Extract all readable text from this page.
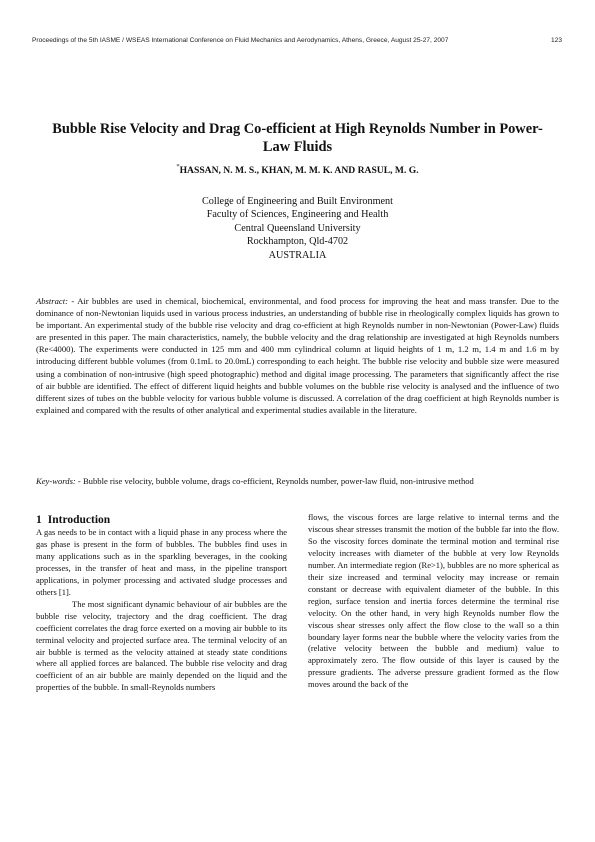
Proceedings of the 5th IASME / WSEAS International Conference on Fluid Mechanics and Aerodynamics, Athens, Greece, August 25-27, 2007	123
Bubble Rise Velocity and Drag Co-efficient at High Reynolds Number in Power-Law Fluids
*HASSAN, N. M. S., KHAN, M. M. K. AND RASUL, M. G.
College of Engineering and Built Environment
Faculty of Sciences, Engineering and Health
Central Queensland University
Rockhampton, Qld-4702
AUSTRALIA
Abstract: - Air bubbles are used in chemical, biochemical, environmental, and food process for improving the heat and mass transfer. Due to the dominance of non-Newtonian liquids used in various process industries, an understanding of bubble rise in rheologically complex liquids has grown to be important. An experimental study of the bubble rise velocity and drag co-efficient at high Reynolds number in non-Newtonian (Power-Law) fluids are presented in this paper. The main characteristics, namely, the bubble velocity and the drag relationship are investigated at high Reynolds numbers (Re<4000). The experiments were conducted in 125 mm and 400 mm cylindrical column at liquid heights of 1 m, 1.2 m, 1.4 m and 1.6 m by introducing different bubble volumes (from 0.1mL to 20.0mL) corresponding to each height. The bubble rise velocity and bubble size were measured using a combination of non-intrusive (high speed photographic) method and digital image processing. The parameters that significantly affect the rise of air bubble are identified. The effect of different liquid heights and bubble volumes on the bubble rise velocity is analysed and the influence of two different sizes of tubes on the bubble velocity for various bubble volume is discussed. A correlation of the drag coefficient at high Reynolds number is explained and compared with the results of other analytical and experimental studies available in the literature.
Key-words: - Bubble rise velocity, bubble volume, drags co-efficient, Reynolds number, power-law fluid, non-intrusive method
1 Introduction

A gas needs to be in contact with a liquid phase in any process where the gas phase is present in the form of bubbles. The bubbles find uses in many applications such as in the sparkling beverages, in the cooking processes, in the transfer of heat and mass, in the pipeline transport applications, in polymer processing and activated sludge processes and others [1].

The most significant dynamic behaviour of air bubbles are the bubble rise velocity, trajectory and the drag coefficient. The drag coefficient correlates the drag force exerted on a moving air bubble to its terminal velocity and projected surface area. The terminal velocity of an air bubble is termed as the velocity attained at steady state conditions where all applied forces are balanced. The bubble rise velocity and drag coefficient of an air bubble are mainly depended on the liquid and the properties of the bubble. In small-Reynolds numbers

flows, the viscous forces are large relative to internal terms and the viscous shear stresses transmit the motion of the bubble far into the flow. So the viscosity forces dominate the terminal motion and terminal rise velocity increases with diameter of the bubble at very low Reynolds number. An intermediate region (Re>1), bubbles are no more spherical as their size increased and terminal velocity may increase or remain constant or decrease with equivalent diameter of the bubble. In this region, surface tension and inertia forces determine the terminal rise velocity. On the other hand, in very high Reynolds number flow the viscous shear stresses only affect the flow close to the wall so a thin boundary layer forms near the bubble where the velocity varies from the (relative velocity between the bubble and medium) value to approximately zero. The flow outside of this layer is caused by the pressure gradients. The adverse pressure gradient formed as the flow moves around the back of the
